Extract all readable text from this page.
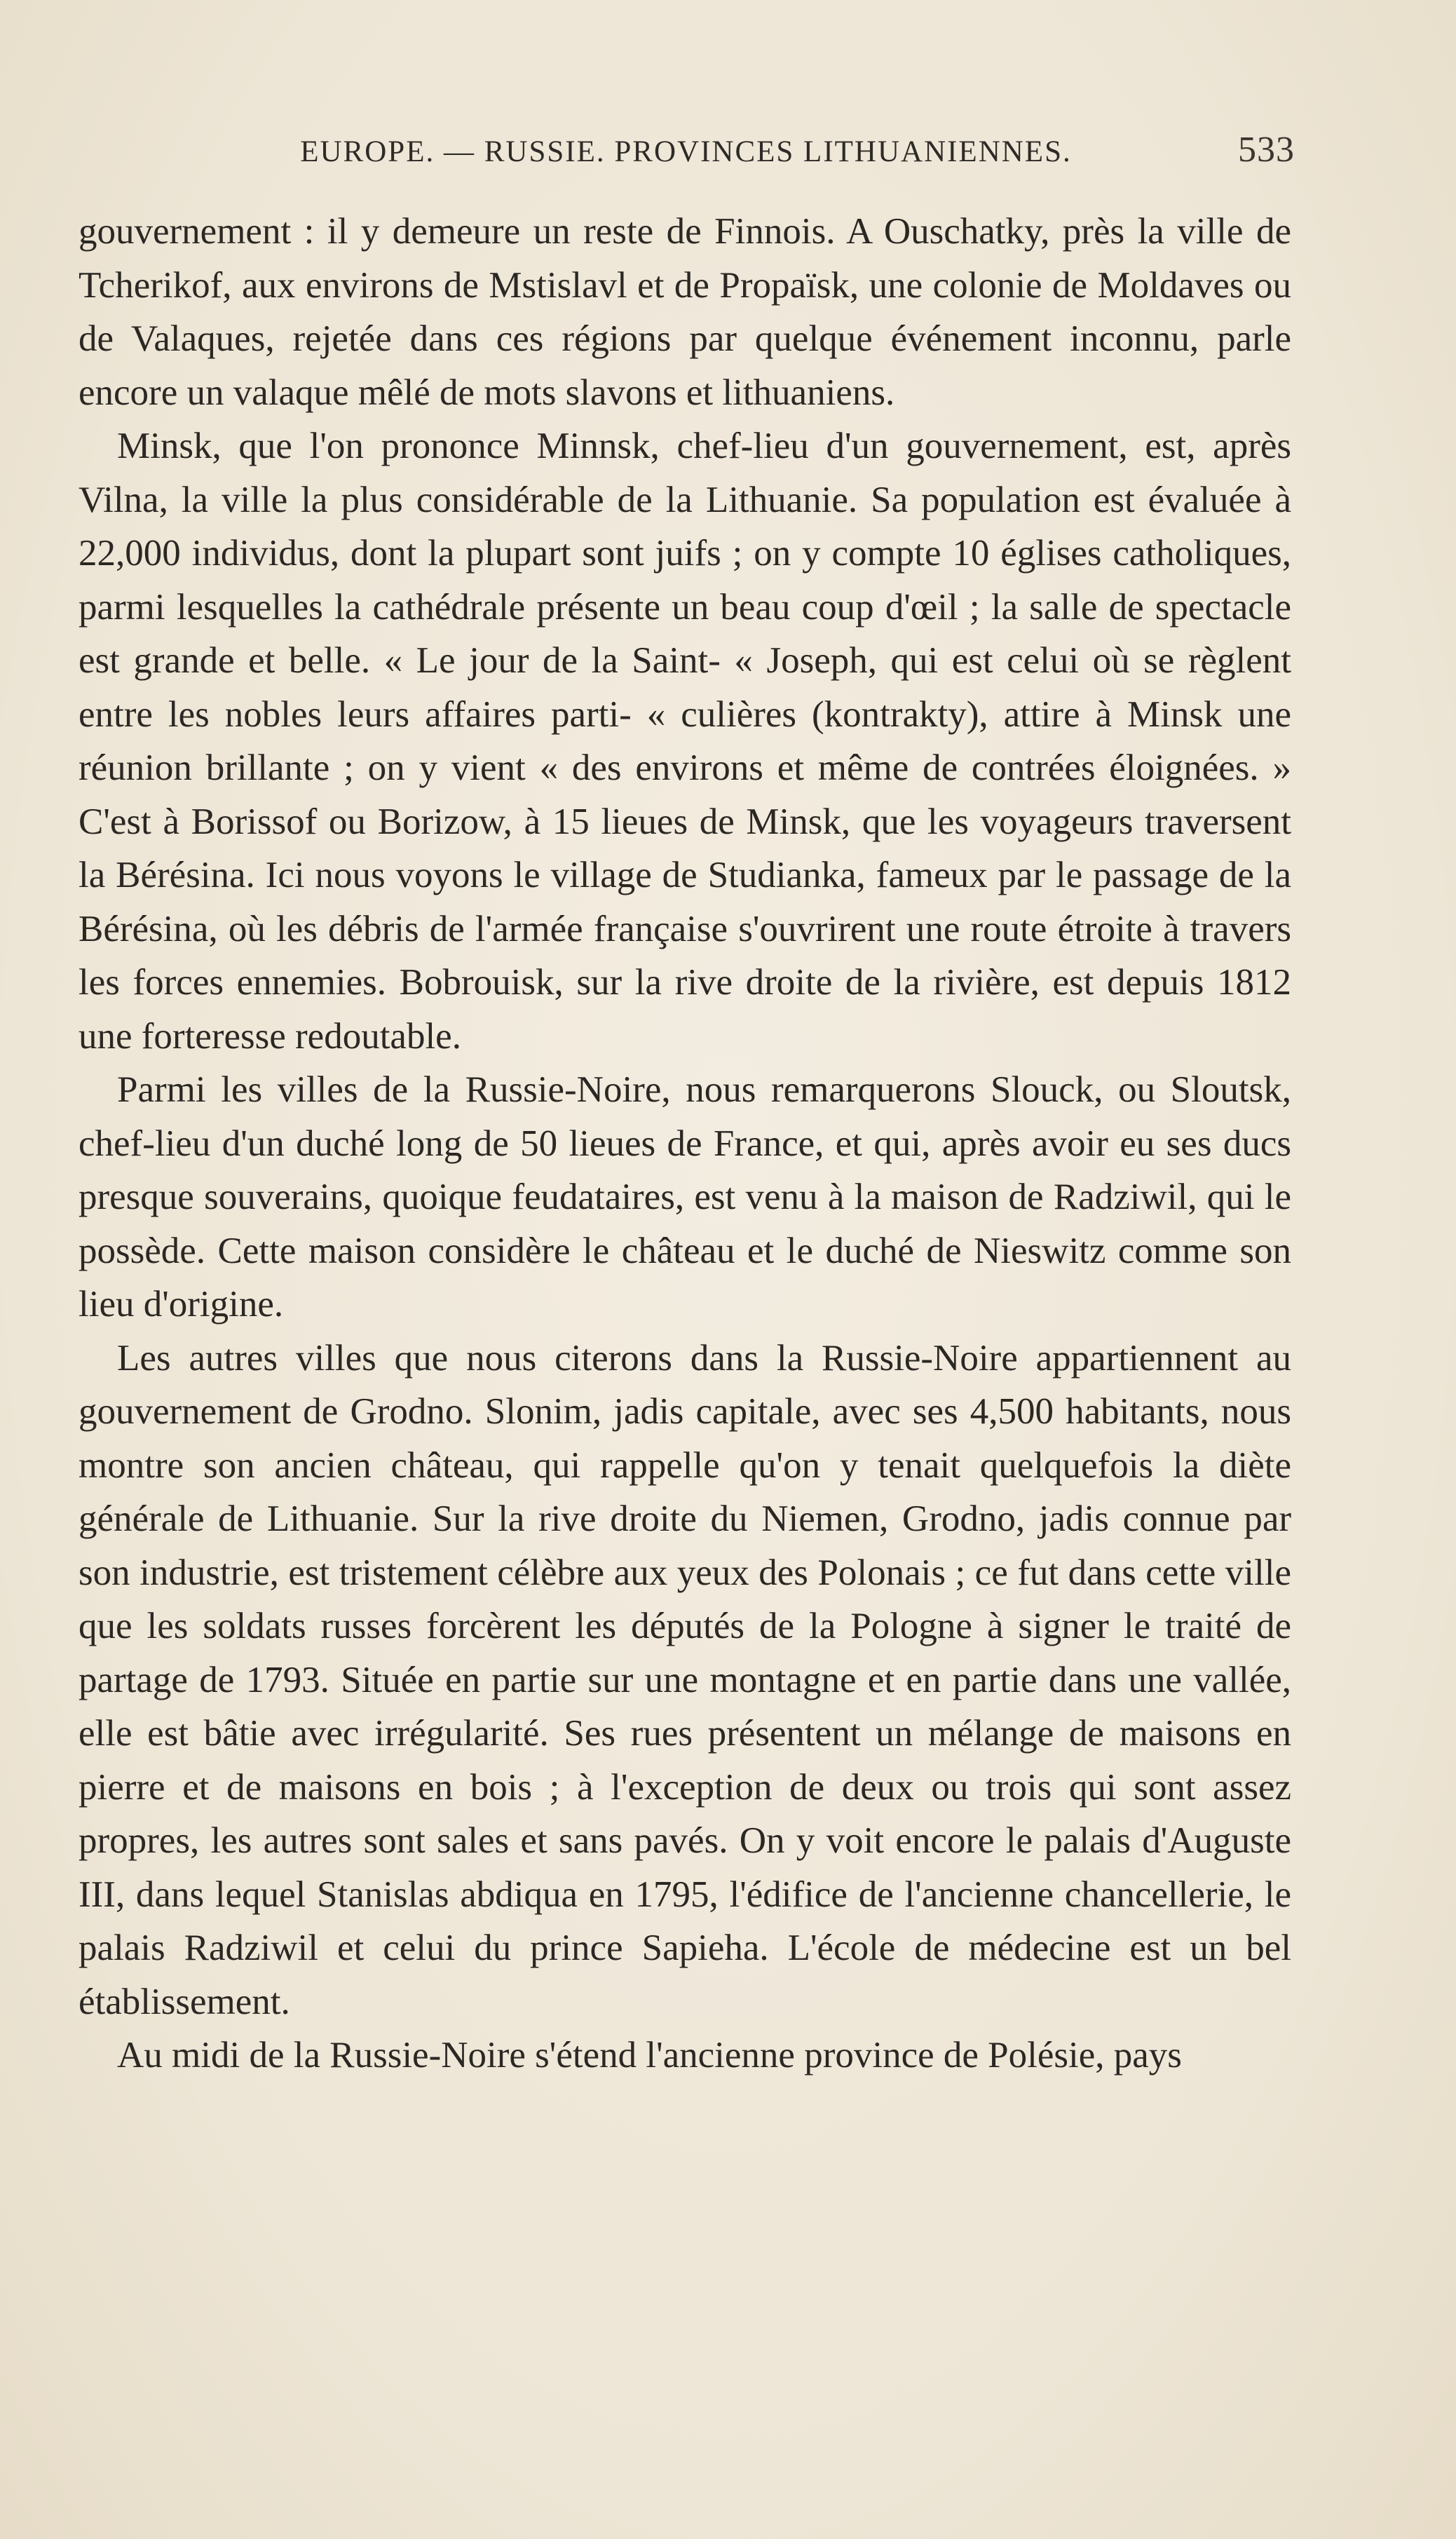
EUROPE. — RUSSIE. PROVINCES LITHUANIENNES.	533

gouvernement : il y demeure un reste de Finnois. A Ouschatky, près la ville de Tcherikof, aux environs de Mstislavl et de Propaïsk, une colonie de Moldaves ou de Valaques, rejetée dans ces régions par quelque événement inconnu, parle encore un valaque mêlé de mots slavons et lithuaniens.

Minsk, que l'on prononce Minnsk, chef-lieu d'un gouvernement, est, après Vilna, la ville la plus considérable de la Lithuanie. Sa population est évaluée à 22,000 individus, dont la plupart sont juifs ; on y compte 10 églises catholiques, parmi lesquelles la cathédrale présente un beau coup d'œil ; la salle de spectacle est grande et belle. « Le jour de la Saint- « Joseph, qui est celui où se règlent entre les nobles leurs affaires parti- « culières (kontrakty), attire à Minsk une réunion brillante ; on y vient « des environs et même de contrées éloignées. » C'est à Borissof ou Borizow, à 15 lieues de Minsk, que les voyageurs traversent la Bérésina. Ici nous voyons le village de Studianka, fameux par le passage de la Bérésina, où les débris de l'armée française s'ouvrirent une route étroite à travers les forces ennemies. Bobrouisk, sur la rive droite de la rivière, est depuis 1812 une forteresse redoutable.

Parmi les villes de la Russie-Noire, nous remarquerons Slouck, ou Sloutsk, chef-lieu d'un duché long de 50 lieues de France, et qui, après avoir eu ses ducs presque souverains, quoique feudataires, est venu à la maison de Radziwil, qui le possède. Cette maison considère le château et le duché de Nieswitz comme son lieu d'origine.

Les autres villes que nous citerons dans la Russie-Noire appartiennent au gouvernement de Grodno. Slonim, jadis capitale, avec ses 4,500 habitants, nous montre son ancien château, qui rappelle qu'on y tenait quelquefois la diète générale de Lithuanie. Sur la rive droite du Niemen, Grodno, jadis connue par son industrie, est tristement célèbre aux yeux des Polonais ; ce fut dans cette ville que les soldats russes forcèrent les députés de la Pologne à signer le traité de partage de 1793. Située en partie sur une montagne et en partie dans une vallée, elle est bâtie avec irrégularité. Ses rues présentent un mélange de maisons en pierre et de maisons en bois ; à l'exception de deux ou trois qui sont assez propres, les autres sont sales et sans pavés. On y voit encore le palais d'Auguste III, dans lequel Stanislas abdiqua en 1795, l'édifice de l'ancienne chancellerie, le palais Radziwil et celui du prince Sapieha. L'école de médecine est un bel établissement.

Au midi de la Russie-Noire s'étend l'ancienne province de Polésie, pays
